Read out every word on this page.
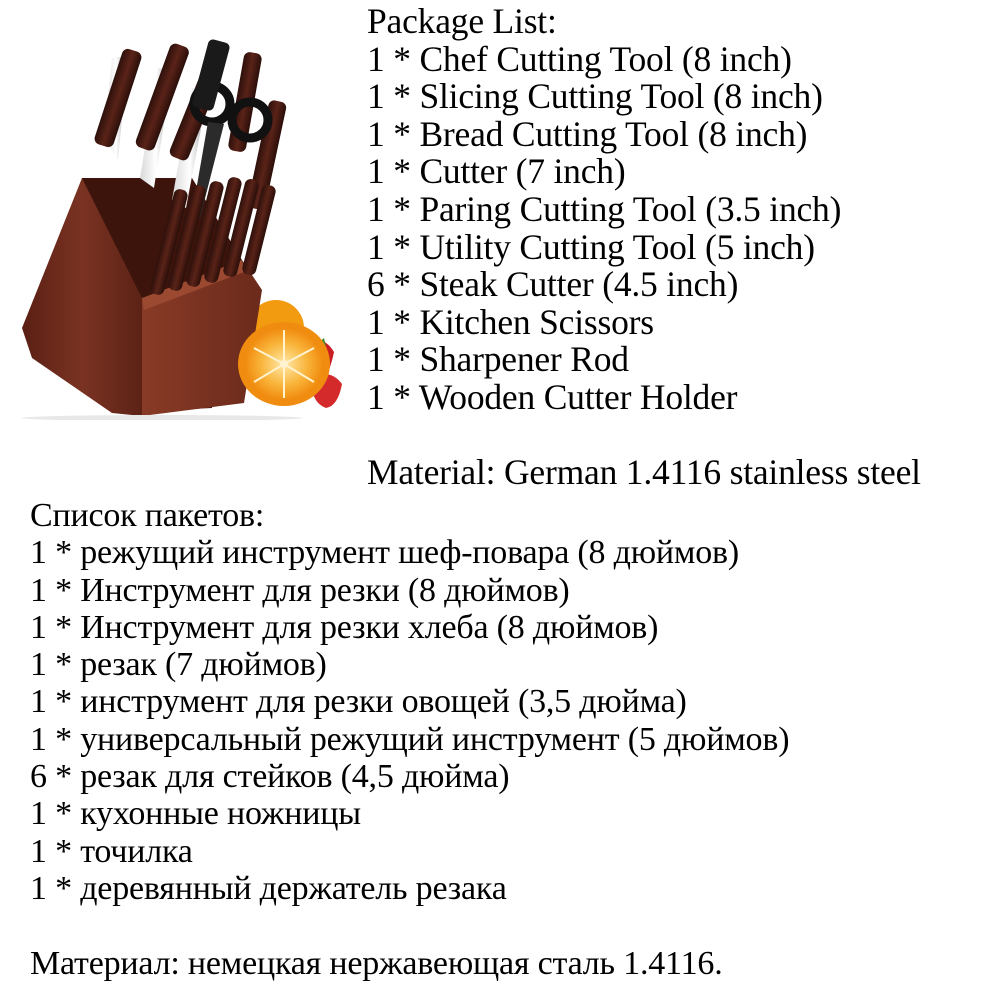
Package List:
1 * Chef Cutting Tool (8 inch)
1 * Slicing Cutting Tool (8 inch)
1 * Bread Cutting Tool (8 inch)
1 * Cutter (7 inch)
1 * Paring Cutting Tool (3.5 inch)
1 * Utility Cutting Tool (5 inch)
6 * Steak Cutter (4.5 inch)
1 * Kitchen Scissors
1 * Sharpener Rod
1 * Wooden Cutter Holder
Material: German 1.4116 stainless steel
Список пакетов:
1 * режущий инструмент шеф-повара (8 дюймов)
1 * Инструмент для резки (8 дюймов)
1 * Инструмент для резки хлеба (8 дюймов)
1 * резак (7 дюймов)
1 * инструмент для резки овощей (3,5 дюйма)
1 * универсальный режущий инструмент (5 дюймов)
6 * резак для стейков (4,5 дюйма)
1 * кухонные ножницы
1 * точилка
1 * деревянный держатель резака
Материал: немецкая нержавеющая сталь 1.4116.
